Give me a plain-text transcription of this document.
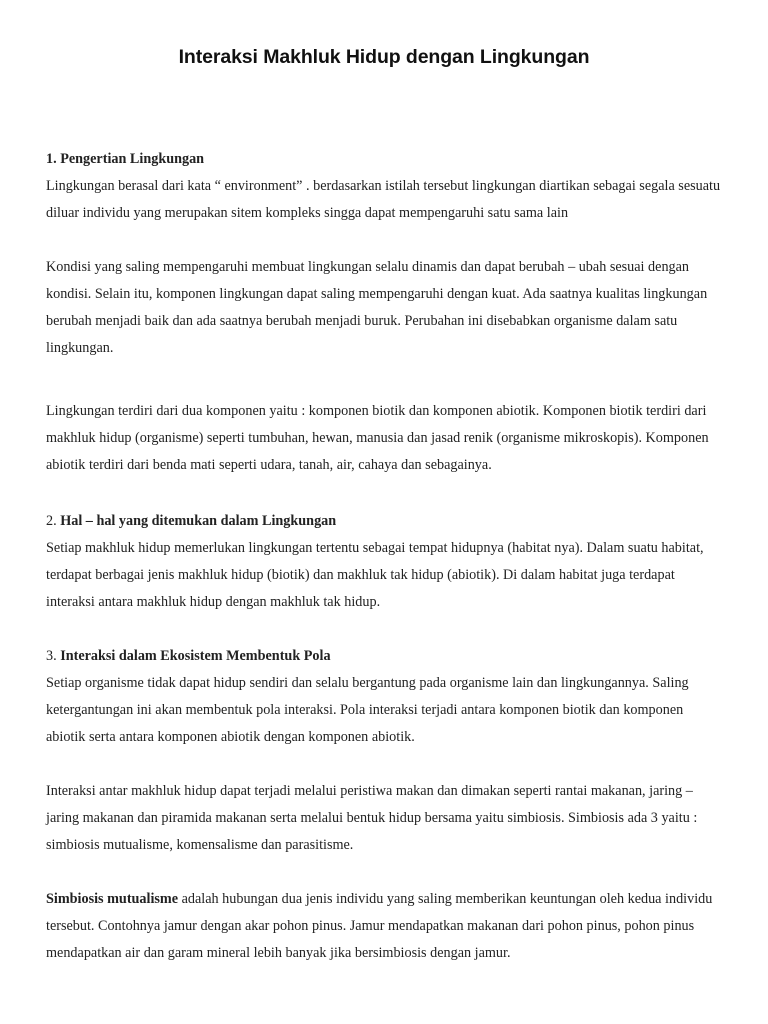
Interaksi Makhluk Hidup dengan Lingkungan

1. Pengertian Lingkungan

Lingkungan berasal dari kata “ environment” . berdasarkan istilah tersebut lingkungan diartikan sebagai segala sesuatu diluar individu yang merupakan sitem kompleks singga dapat mempengaruhi satu sama lain

Kondisi yang saling mempengaruhi membuat lingkungan selalu dinamis dan dapat berubah – ubah sesuai dengan kondisi. Selain itu, komponen lingkungan dapat saling mempengaruhi dengan kuat. Ada saatnya kualitas lingkungan berubah menjadi baik dan ada saatnya berubah menjadi buruk. Perubahan ini disebabkan organisme dalam satu lingkungan.

Lingkungan terdiri dari dua komponen yaitu : komponen biotik dan komponen abiotik. Komponen biotik terdiri dari makhluk hidup (organisme) seperti tumbuhan, hewan, manusia dan jasad renik (organisme mikroskopis). Komponen abiotik terdiri dari benda mati seperti udara, tanah, air, cahaya dan sebagainya.

2. Hal – hal yang ditemukan dalam Lingkungan

Setiap makhluk hidup memerlukan lingkungan tertentu sebagai tempat hidupnya (habitat nya). Dalam suatu habitat, terdapat berbagai jenis makhluk hidup (biotik) dan makhluk tak hidup (abiotik). Di dalam habitat juga terdapat interaksi antara makhluk hidup dengan makhluk tak hidup.

3. Interaksi dalam Ekosistem Membentuk Pola

Setiap organisme tidak dapat hidup sendiri dan selalu bergantung pada organisme lain dan lingkungannya. Saling ketergantungan ini akan membentuk pola interaksi. Pola interaksi terjadi antara komponen biotik dan komponen abiotik serta antara komponen abiotik dengan komponen abiotik.

Interaksi antar makhluk hidup dapat terjadi melalui peristiwa makan dan dimakan seperti rantai makanan, jaring – jaring makanan dan piramida makanan serta melalui bentuk hidup bersama yaitu simbiosis. Simbiosis ada 3 yaitu : simbiosis mutualisme, komensalisme dan parasitisme.

Simbiosis mutualisme adalah hubungan dua jenis individu yang saling memberikan keuntungan oleh kedua individu tersebut. Contohnya jamur dengan akar pohon pinus. Jamur mendapatkan makanan dari pohon pinus, pohon pinus mendapatkan air dan garam mineral lebih banyak jika bersimbiosis dengan jamur.
